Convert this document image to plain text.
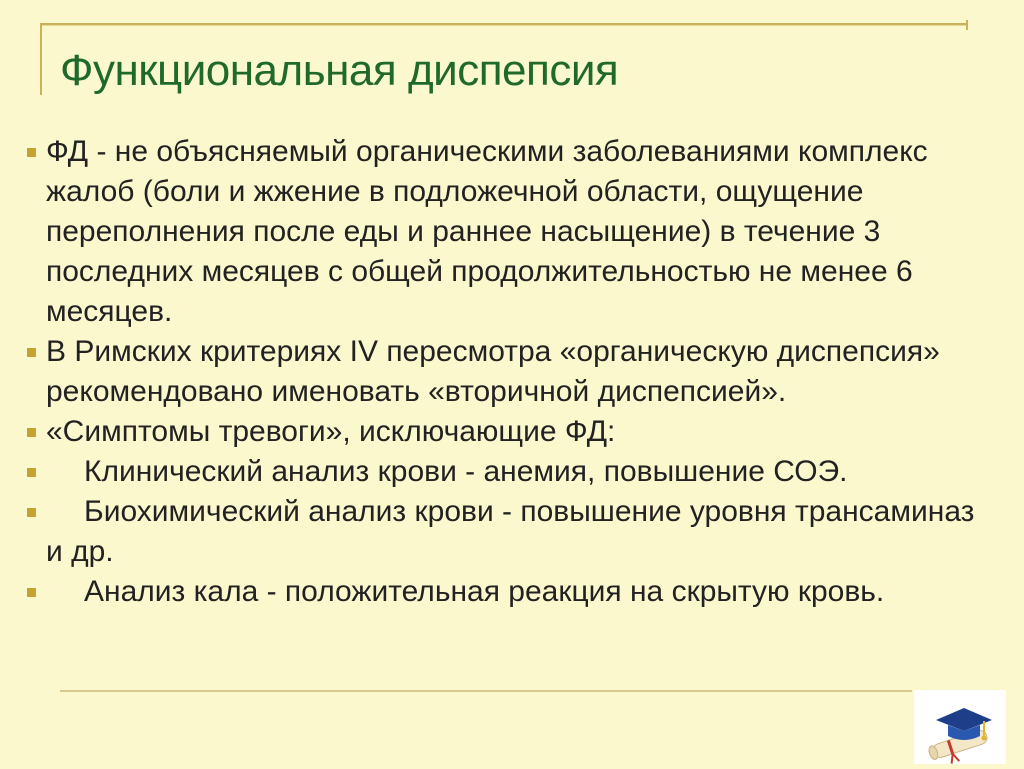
Функциональная диспепсия
ФД - не объясняемый органическими заболеваниями комплекс жалоб (боли и жжение в подложечной области, ощущение переполнения после еды и раннее насыщение) в течение 3 последних месяцев с общей продолжительностью не менее 6 месяцев.
В Римских критериях IV пересмотра «органическую диспепсия» рекомендовано именовать «вторичной диспепсией».
«Симптомы тревоги», исключающие ФД:
Клинический анализ крови - анемия, повышение СОЭ.
Биохимический анализ крови - повышение уровня трансаминаз и др.
Анализ кала - положительная реакция на скрытую кровь.
